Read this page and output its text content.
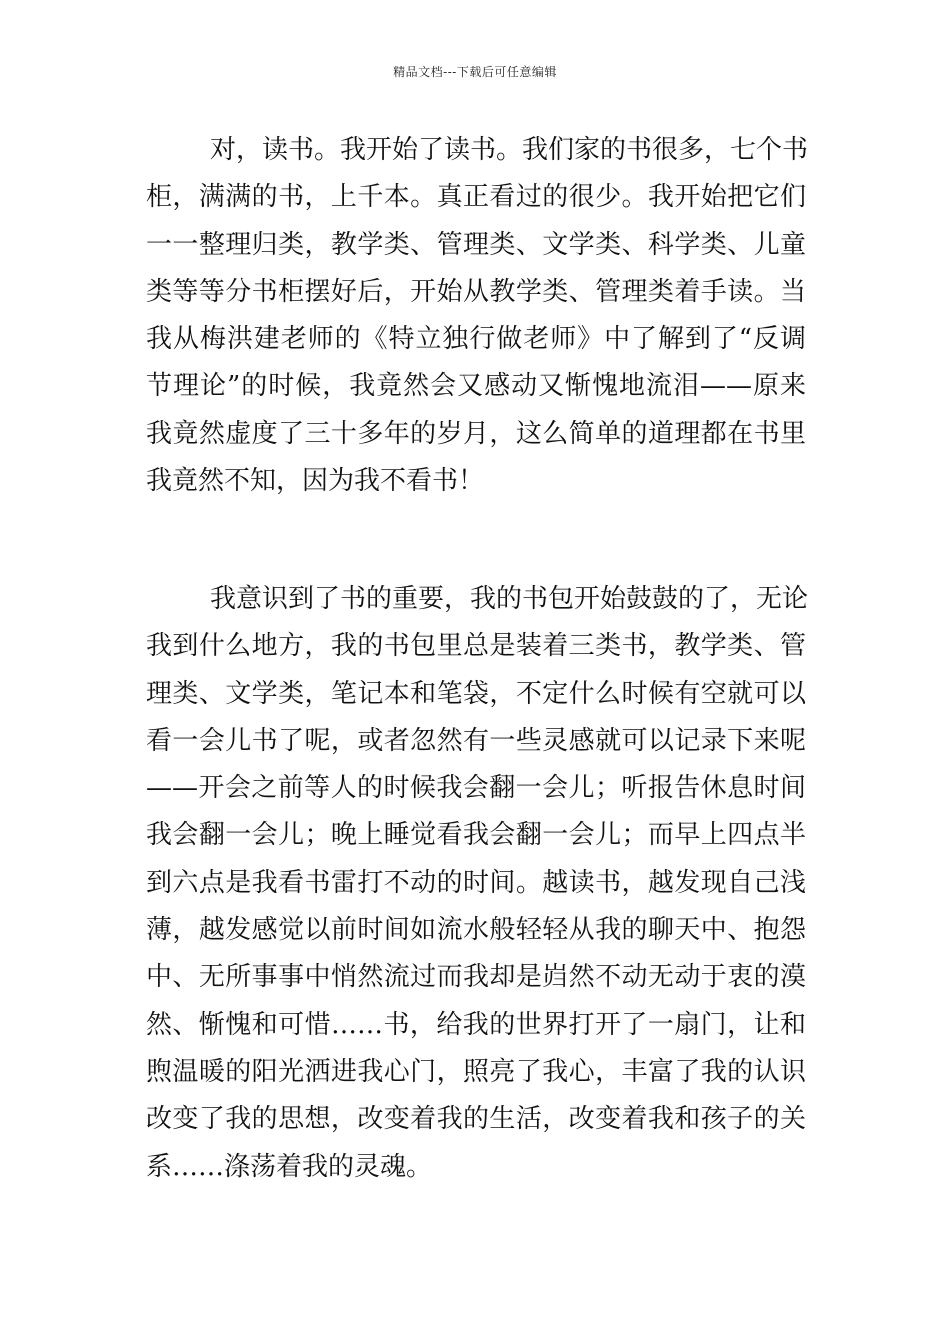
精品文档---下载后可任意编辑
对，读书。我开始了读书。我们家的书很多，七个书
柜，满满的书，上千本。真正看过的很少。我开始把它们
一一整理归类，教学类、管理类、文学类、科学类、儿童
类等等分书柜摆好后，开始从教学类、管理类着手读。当
我从梅洪建老师的《特立独行做老师》中了解到了“反调
节理论”的时候，我竟然会又感动又惭愧地流泪——原来
我竟然虚度了三十多年的岁月，这么简单的道理都在书里
我竟然不知，因为我不看书！
我意识到了书的重要，我的书包开始鼓鼓的了，无论
我到什么地方，我的书包里总是装着三类书，教学类、管
理类、文学类，笔记本和笔袋，不定什么时候有空就可以
看一会儿书了呢，或者忽然有一些灵感就可以记录下来呢
——开会之前等人的时候我会翻一会儿；听报告休息时间
我会翻一会儿；晚上睡觉看我会翻一会儿；而早上四点半
到六点是我看书雷打不动的时间。越读书，越发现自己浅
薄，越发感觉以前时间如流水般轻轻从我的聊天中、抱怨
中、无所事事中悄然流过而我却是岿然不动无动于衷的漠
然、惭愧和可惜……书，给我的世界打开了一扇门，让和
煦温暖的阳光洒进我心门，照亮了我心，丰富了我的认识
改变了我的思想，改变着我的生活，改变着我和孩子的关
系……涤荡着我的灵魂。
